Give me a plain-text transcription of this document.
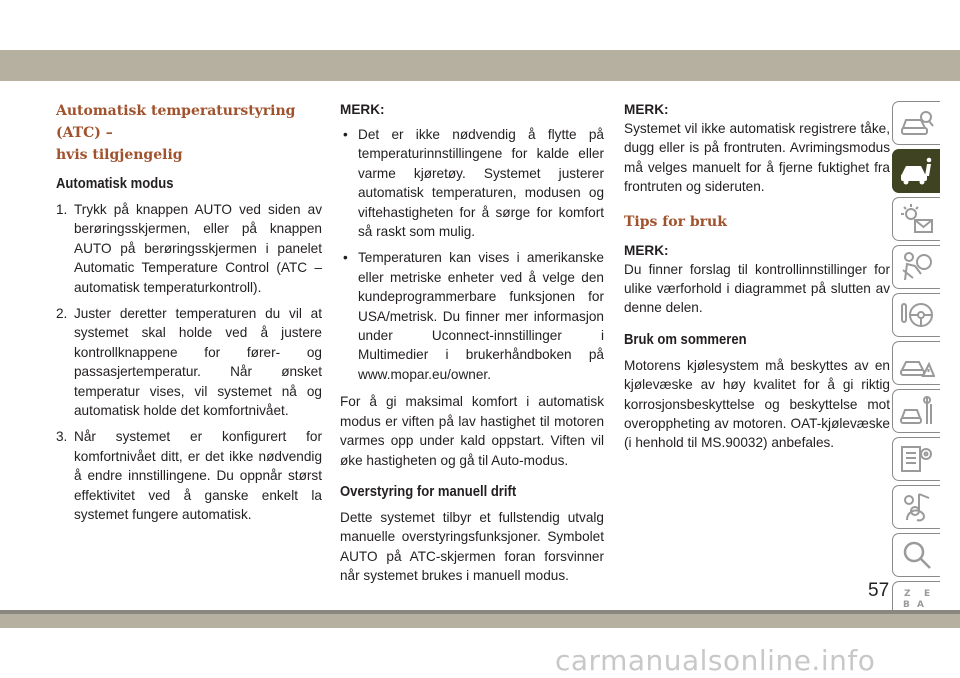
Automatisk temperaturstyring (ATC) –
hvis tilgjengelig
Automatisk modus
1. Trykk på knappen AUTO ved siden av berøringsskjermen, eller på knappen AUTO på berøringsskjermen i panelet Automatic Temperature Control (ATC – automatisk temperaturkontroll).
2. Juster deretter temperaturen du vil at systemet skal holde ved å justere kontrollknappene for fører- og passasjertemperatur. Når ønsket temperatur vises, vil systemet nå og automatisk holde det komfortnivået.
3. Når systemet er konfigurert for komfortnivået ditt, er det ikke nødvendig å endre innstillingene. Du oppnår størst effektivitet ved å ganske enkelt la systemet fungere automatisk.
MERK:
• Det er ikke nødvendig å flytte på temperaturinnstillingene for kalde eller varme kjøretøy. Systemet justerer automatisk temperaturen, modusen og viftehastigheten for å sørge for komfort så raskt som mulig.
• Temperaturen kan vises i amerikanske eller metriske enheter ved å velge den kundeprogrammerbare funksjonen for USA/metrisk. Du finner mer informasjon under Uconnect-innstillinger i Multimedier i brukerhåndboken på www.mopar.eu/owner.

For å gi maksimal komfort i automatisk modus er viften på lav hastighet til motoren varmes opp under kald oppstart. Viften vil øke hastigheten og gå til Auto-modus.

Overstyring for manuell drift

Dette systemet tilbyr et fullstendig utvalg manuelle overstyringsfunksjoner. Symbolet AUTO på ATC-skjermen foran forsvinner når systemet brukes i manuell modus.

MERK:

Systemet vil ikke automatisk registrere tåke, dugg eller is på frontruten. Avrimingsmodus må velges manuelt for å fjerne fuktighet fra frontruten og sideruten.

Tips for bruk
MERK:

Du finner forslag til kontrollinnstillinger for ulike værforhold i diagrammet på slutten av denne delen.

Bruk om sommeren

Motorens kjølesystem må beskyttes av en kjølevæske av høy kvalitet for å gi riktig korrosjonsbeskyttelse og beskyttelse mot overoppheting av motoren. OAT-kjølevæske (i henhold til MS.90032) anbefales.

Z E
B A
57
carmanualsonline.info
